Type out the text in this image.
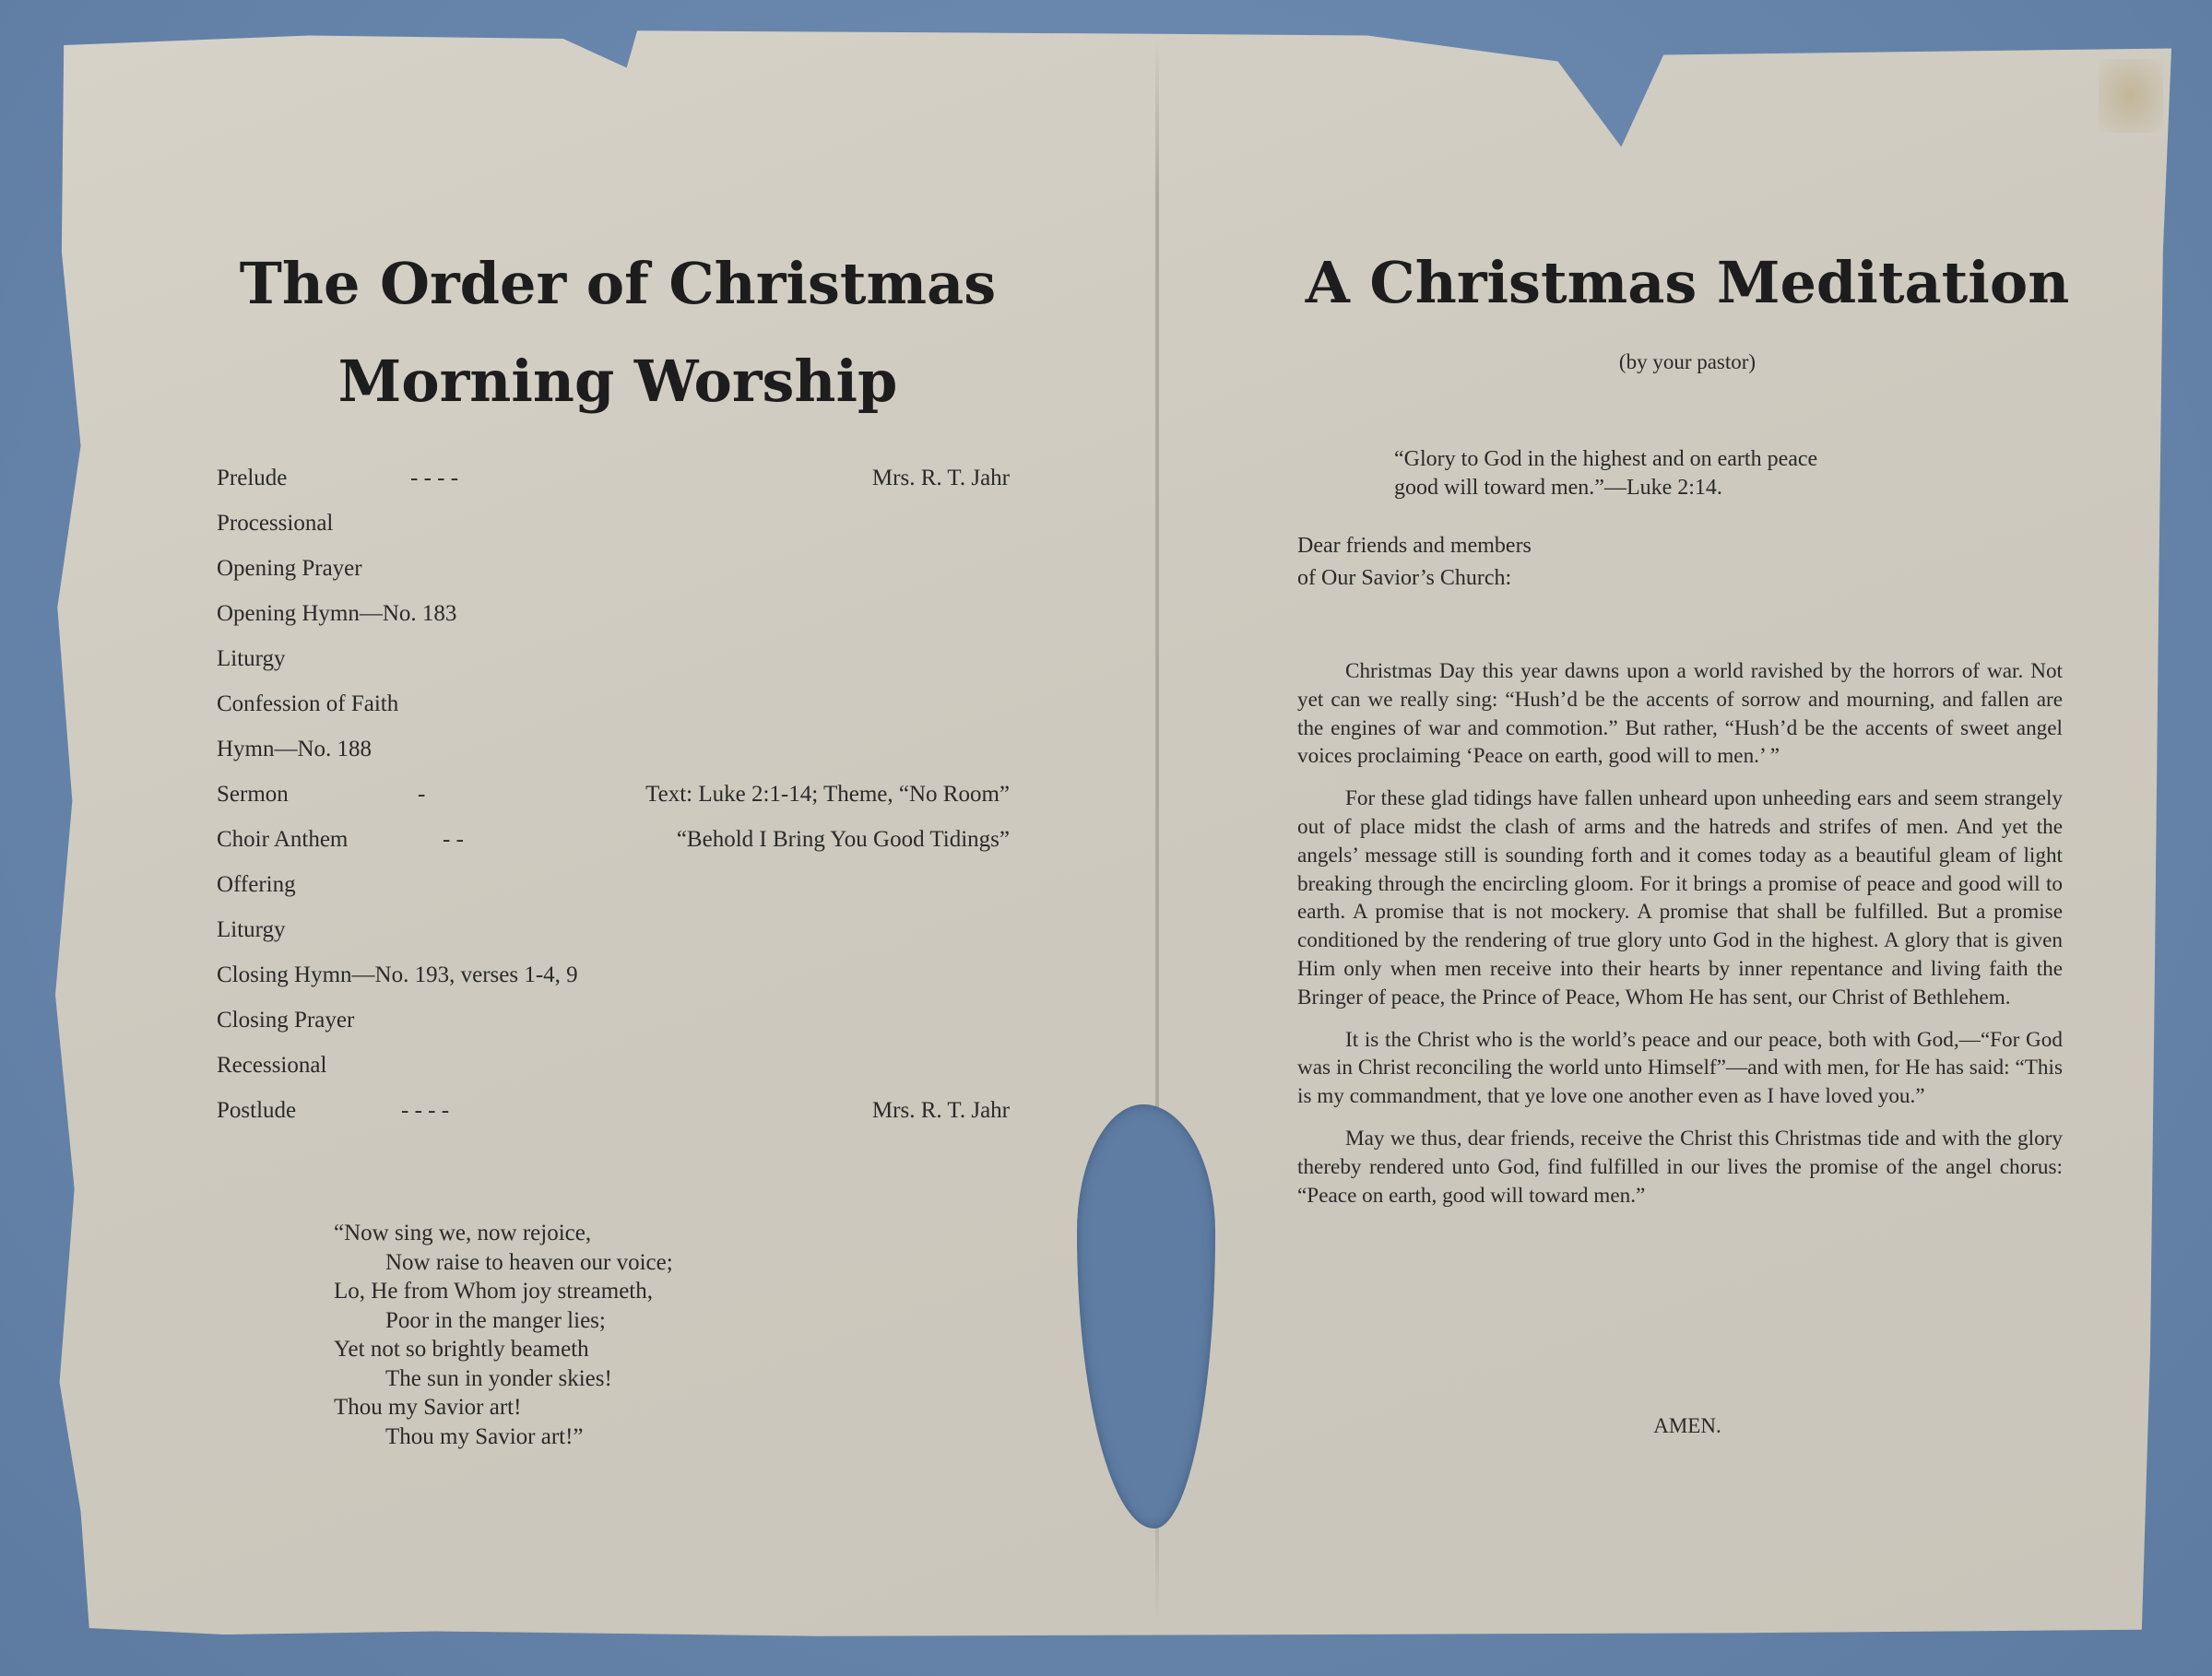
The Order of Christmas
Morning Worship
Prelude	- - - -	Mrs. R. T. Jahr
Processional
Opening Prayer
Opening Hymn—No. 183
Liturgy
Confession of Faith
Hymn—No. 188
Sermon	-	Text: Luke 2:1-14; Theme, “No Room”
Choir Anthem	- -	“Behold I Bring You Good Tidings”
Offering
Liturgy
Closing Hymn—No. 193, verses 1-4, 9
Closing Prayer
Recessional
Postlude	- - - -	Mrs. R. T. Jahr
“Now sing we, now rejoice,
Now raise to heaven our voice;
Lo, He from Whom joy streameth,
Poor in the manger lies;
Yet not so brightly beameth
The sun in yonder skies!
Thou my Savior art!
Thou my Savior art!”
A Christmas Meditation
(by your pastor)
“Glory to God in the highest and on earth peace
good will toward men.”—Luke 2:14.
Dear friends and members
of Our Savior’s Church:

Christmas Day this year dawns upon a world ravished by the horrors of war. Not yet can we really sing: “Hush’d be the accents of sorrow and mourning, and fallen are the engines of war and commotion.” But rather, “Hush’d be the accents of sweet angel voices proclaiming ‘Peace on earth, good will to men.’ ”

For these glad tidings have fallen unheard upon unheeding ears and seem strangely out of place midst the clash of arms and the hatreds and strifes of men. And yet the angels’ message still is sounding forth and it comes today as a beautiful gleam of light breaking through the encircling gloom. For it brings a promise of peace and good will to earth. A promise that is not mockery. A promise that shall be fulfilled. But a promise conditioned by the rendering of true glory unto God in the highest. A glory that is given Him only when men receive into their hearts by inner repentance and living faith the Bringer of peace, the Prince of Peace, Whom He has sent, our Christ of Bethlehem.

It is the Christ who is the world’s peace and our peace, both with God,—“For God was in Christ reconciling the world unto Himself”—and with men, for He has said: “This is my commandment, that ye love one another even as I have loved you.”

May we thus, dear friends, receive the Christ this Christmas tide and with the glory thereby rendered unto God, find fulfilled in our lives the promise of the angel chorus: “Peace on earth, good will toward men.”

AMEN.
